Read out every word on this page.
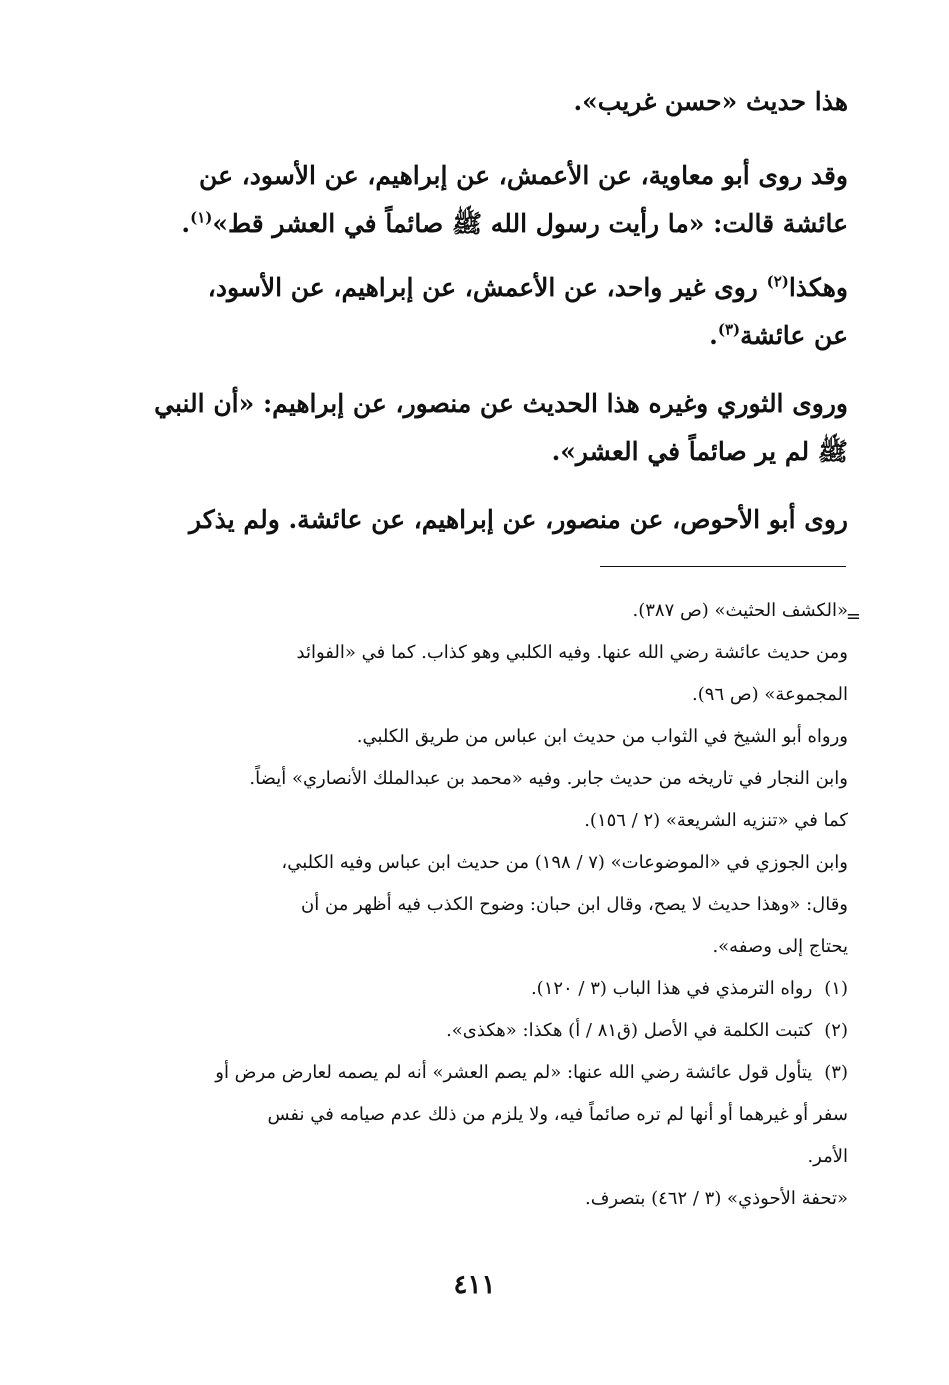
هذا حديث «حسن غريب».

وقد روى أبو معاوية، عن الأعمش، عن إبراهيم، عن الأسود، عن

عائشة قالت: «ما رأيت رسول الله ﷺ صائماً في العشر قط»$^{(١)}$.

وهكذا$^{(٢)}$ روى غير واحد، عن الأعمش، عن إبراهيم، عن الأسود،

عن عائشة$^{(٣)}$.

وروى الثوري وغيره هذا الحديث عن منصور، عن إبراهيم: «أن النبي

ﷺ لم ير صائماً في العشر».

روى أبو الأحوص، عن منصور، عن إبراهيم، عن عائشة. ولم يذكر

=

«الكشف الحثيث» (ص ٣٨٧).

ومن حديث عائشة رضي الله عنها. وفيه الكلبي وهو كذاب. كما في «الفوائد

المجموعة» (ص ٩٦).

ورواه أبو الشيخ في الثواب من حديث ابن عباس من طريق الكلبي.

وابن النجار في تاريخه من حديث جابر. وفيه «محمد بن عبدالملك الأنصاري» أيضاً.

كما في «تنزيه الشريعة» (٢ / ١٥٦).

وابن الجوزي في «الموضوعات» (٧ / ١٩٨) من حديث ابن عباس وفيه الكلبي،

وقال: «وهذا حديث لا يصح، وقال ابن حبان: وضوح الكذب فيه أظهر من أن

يحتاج إلى وصفه».

(١) رواه الترمذي في هذا الباب (٣ / ١٢٠).

(٢) كتبت الكلمة في الأصل (ق٨١ / أ) هكذا: «هكذى».

(٣) يتأول قول عائشة رضي الله عنها: «لم يصم العشر» أنه لم يصمه لعارض مرض أو

سفر أو غيرهما أو أنها لم تره صائماً فيه، ولا يلزم من ذلك عدم صيامه في نفس

الأمر.

«تحفة الأحوذي» (٣ / ٤٦٢) بتصرف.

٤١١
